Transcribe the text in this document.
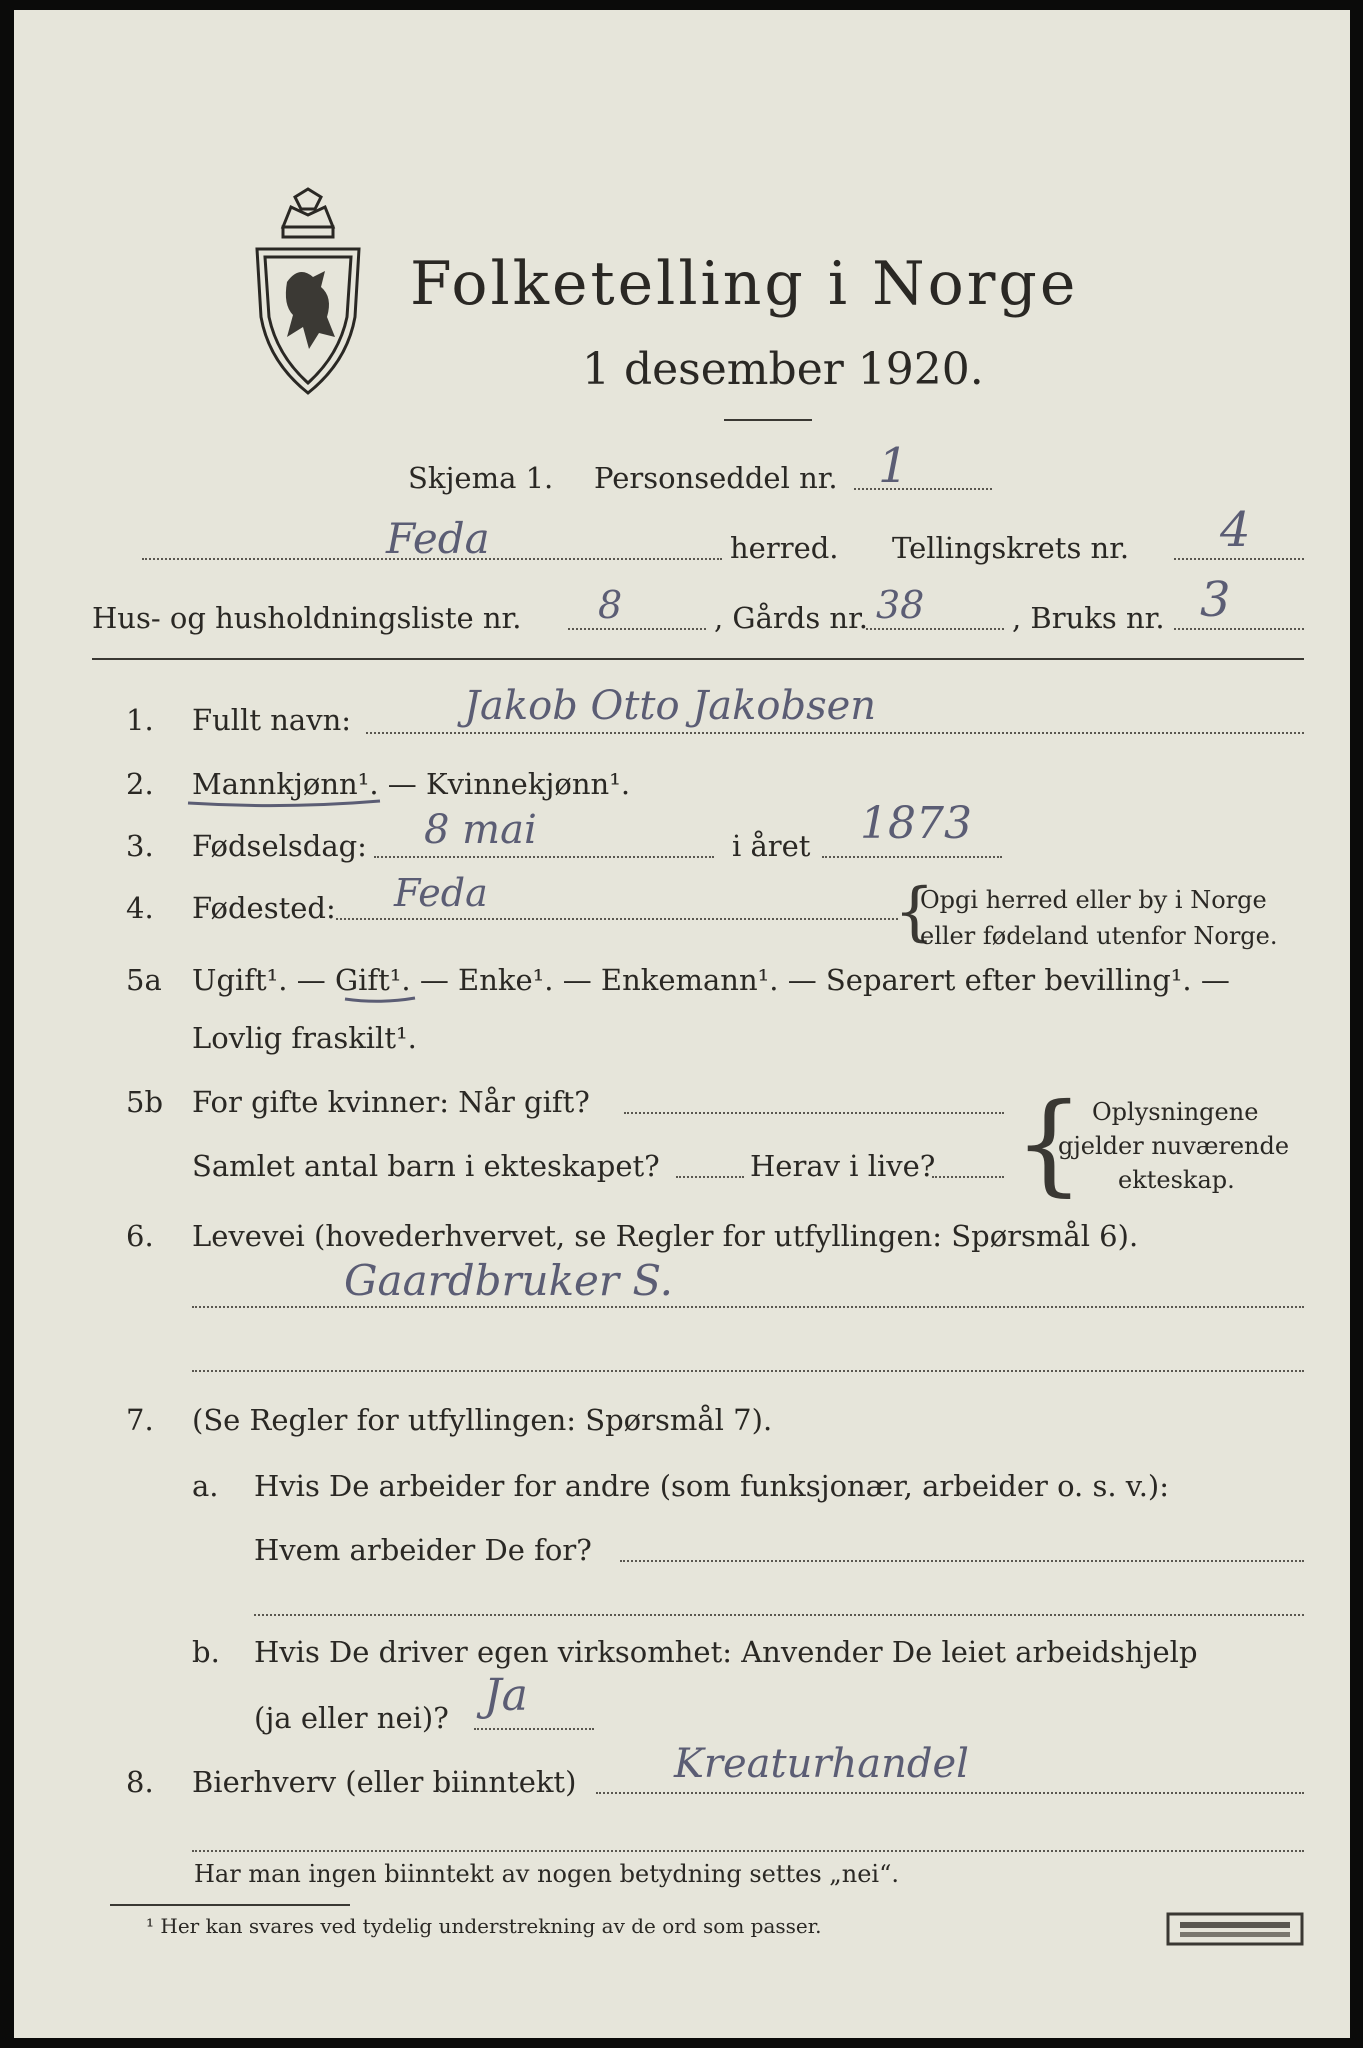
Folketelling i Norge
1 desember 1920.
Skjema 1. Personseddel nr. 1
Feda	herred. Tellingskrets nr. 4
Hus- og husholdningsliste nr. 8	, Gårds nr. 38	, Bruks nr. 3
1. Fullt navn:	Jakob Otto Jakobsen
2. Mannkjønn¹. — Kvinnekjønn¹.
3. Fødselsdag: 8 mai	i året 1873
4. Fødested: Feda	{
Opgi herred eller by i Norge
eller fødeland utenfor Norge.
5a Ugift¹. — Gift¹. — Enke¹. — Enkemann¹. — Separert efter bevilling¹. —
Lovlig fraskilt¹.
5b For gifte kvinner: Når gift?
Samlet antal barn i ekteskapet?	Herav i live? { Oplysningene
gjelder nuværende
ekteskap.
6. Levevei (hovederhvervet, se Regler for utfyllingen: Spørsmål 6).
Gaardbruker S.
7. (Se Regler for utfyllingen: Spørsmål 7).
a. Hvis De arbeider for andre (som funksjonær, arbeider o. s. v.):
Hvem arbeider De for?
b. Hvis De driver egen virksomhet: Anvender De leiet arbeidshjelp
(ja eller nei)? Ja
8. Bierhverv (eller biinntekt) Kreaturhandel
Har man ingen biinntekt av nogen betydning settes „nei“.
¹ Her kan svares ved tydelig understrekning av de ord som passer.
